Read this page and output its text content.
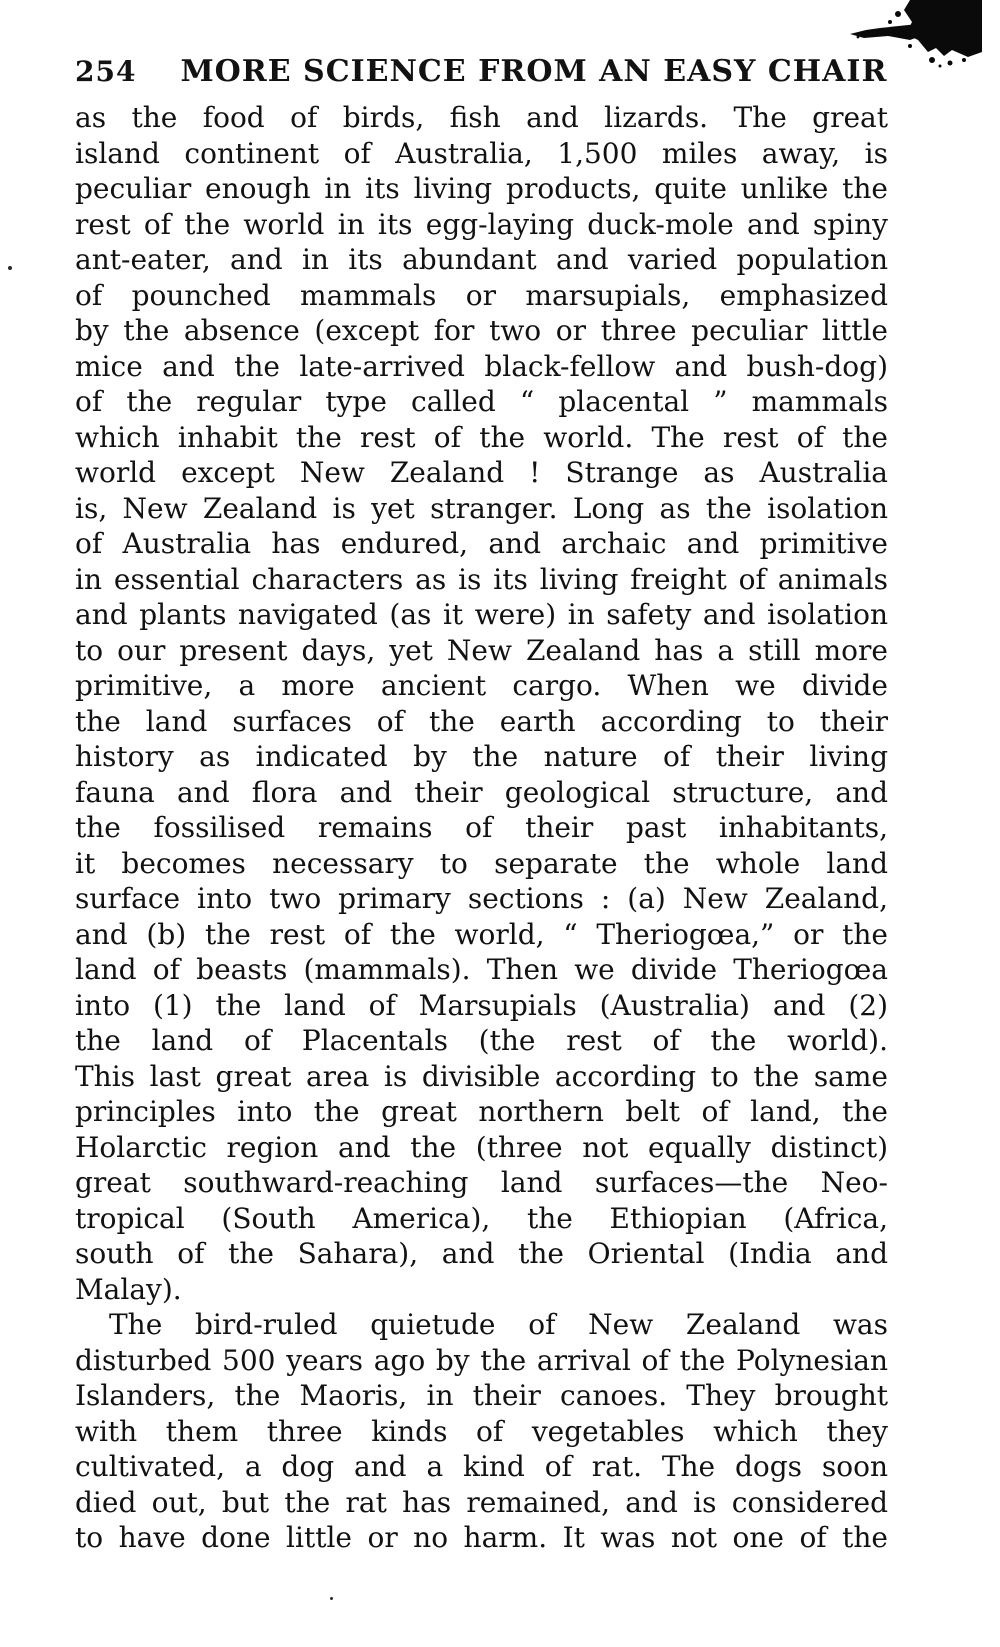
254 MORE SCIENCE FROM AN EASY CHAIR
as the food of birds, fish and lizards. The great
island continent of Australia, 1,500 miles away, is
peculiar enough in its living products, quite unlike the
rest of the world in its egg-laying duck-mole and spiny
ant-eater, and in its abundant and varied population
of pounched mammals or marsupials, emphasized
by the absence (except for two or three peculiar little
mice and the late-arrived black-fellow and bush-dog)
of the regular type called “ placental ” mammals
which inhabit the rest of the world. The rest of the
world except New Zealand ! Strange as Australia
is, New Zealand is yet stranger. Long as the isolation
of Australia has endured, and archaic and primitive
in essential characters as is its living freight of animals
and plants navigated (as it were) in safety and isolation
to our present days, yet New Zealand has a still more
primitive, a more ancient cargo. When we divide
the land surfaces of the earth according to their
history as indicated by the nature of their living
fauna and flora and their geological structure, and
the fossilised remains of their past inhabitants,
it becomes necessary to separate the whole land
surface into two primary sections : (a) New Zealand,
and (b) the rest of the world, “ Theriogœa,” or the
land of beasts (mammals). Then we divide Theriogœa
into (1) the land of Marsupials (Australia) and (2)
the land of Placentals (the rest of the world).
This last great area is divisible according to the same
principles into the great northern belt of land, the
Holarctic region and the (three not equally distinct)
great southward-reaching land surfaces—the Neo-
tropical (South America), the Ethiopian (Africa,
south of the Sahara), and the Oriental (India and
Malay).
The bird-ruled quietude of New Zealand was
disturbed 500 years ago by the arrival of the Polynesian
Islanders, the Maoris, in their canoes. They brought
with them three kinds of vegetables which they
cultivated, a dog and a kind of rat. The dogs soon
died out, but the rat has remained, and is considered
to have done little or no harm. It was not one of the
